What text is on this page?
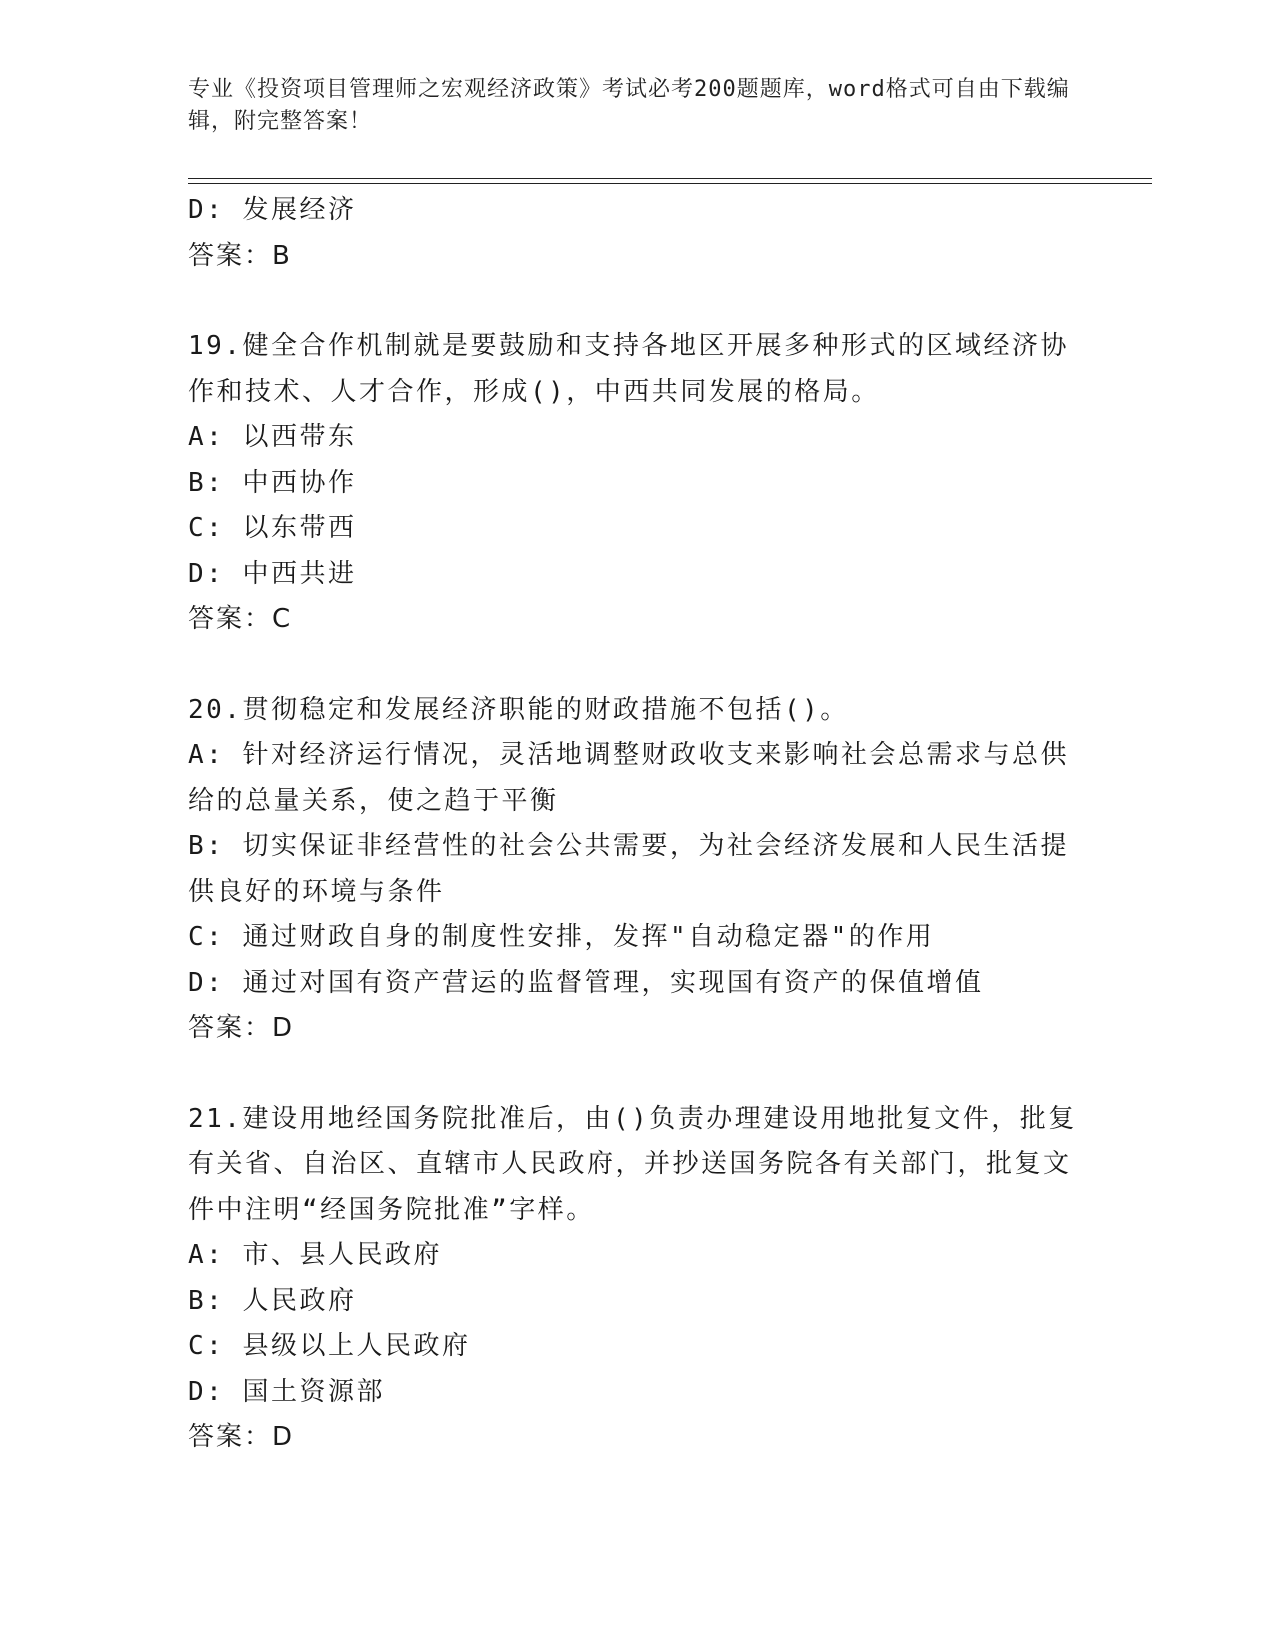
专业《投资项目管理师之宏观经济政策》考试必考200题题库，word格式可自由下载编辑，附完整答案！

D: 发展经济

答案：B

19.健全合作机制就是要鼓励和支持各地区开展多种形式的区域经济协作和技术、人才合作，形成()，中西共同发展的格局。

A: 以西带东

B: 中西协作

C: 以东带西

D: 中西共进

答案：C

20.贯彻稳定和发展经济职能的财政措施不包括()。

A: 针对经济运行情况，灵活地调整财政收支来影响社会总需求与总供给的总量关系，使之趋于平衡

B: 切实保证非经营性的社会公共需要，为社会经济发展和人民生活提供良好的环境与条件

C: 通过财政自身的制度性安排，发挥"自动稳定器"的作用

D: 通过对国有资产营运的监督管理，实现国有资产的保值增值

答案：D

21.建设用地经国务院批准后，由()负责办理建设用地批复文件，批复有关省、自治区、直辖市人民政府，并抄送国务院各有关部门，批复文件中注明“经国务院批准”字样。

A: 市、县人民政府

B: 人民政府

C: 县级以上人民政府

D: 国土资源部

答案：D
